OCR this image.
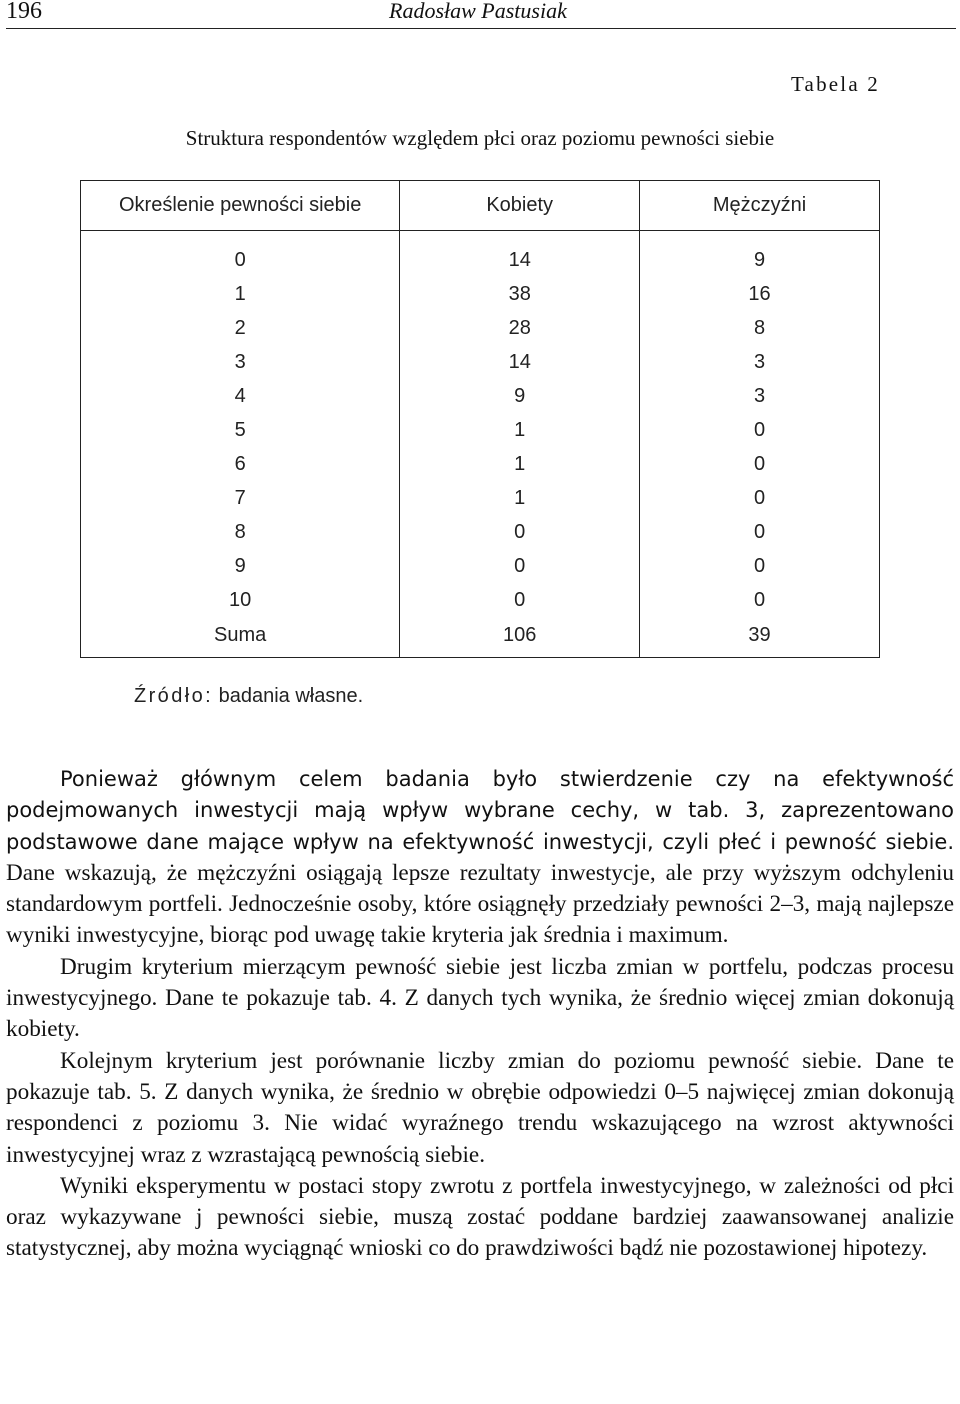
196	Radosław Pastusiak
Tabela 2
Struktura respondentów względem płci oraz poziomu pewności siebie
Określenie pewności siebie	Kobiety	Mężczyźni
0	14	9
1	38	16
2	28	8
3	14	3
4	9	3
5	1	0
6	1	0
7	1	0
8	0	0
9	0	0
10	0	0
Suma	106	39
Źródło: badania własne.

Ponieważ głównym celem badania było stwierdzenie czy na efektywność podejmowanych inwestycji mają wpływ wybrane cechy, w tab. 3, zaprezentowano podstawowe dane mające wpływ na efektywność inwestycji, czyli płeć i pewność siebie. Dane wskazują, że mężczyźni osiągają lepsze rezultaty inwestycje, ale przy wyższym odchyleniu standardowym portfeli. Jednocześnie osoby, które osiągnęły przedziały pewności 2–3, mają najlepsze wyniki inwestycyjne, biorąc pod uwagę takie kryteria jak średnia i maximum.

Drugim kryterium mierzącym pewność siebie jest liczba zmian w portfelu, podczas procesu inwestycyjnego. Dane te pokazuje tab. 4. Z danych tych wynika, że średnio więcej zmian dokonują kobiety.

Kolejnym kryterium jest porównanie liczby zmian do poziomu pewność siebie. Dane te pokazuje tab. 5. Z danych wynika, że średnio w obrębie odpowiedzi 0–5 najwięcej zmian dokonują respondenci z poziomu 3. Nie widać wyraźnego trendu wskazującego na wzrost aktywności inwestycyjnej wraz z wzrastającą pewnością siebie.

Wyniki eksperymentu w postaci stopy zwrotu z portfela inwestycyjnego, w zależności od płci oraz wykazywane j pewności siebie, muszą zostać poddane bardziej zaawansowanej analizie statystycznej, aby można wyciągnąć wnioski co do prawdziwości bądź nie pozostawionej hipotezy.
